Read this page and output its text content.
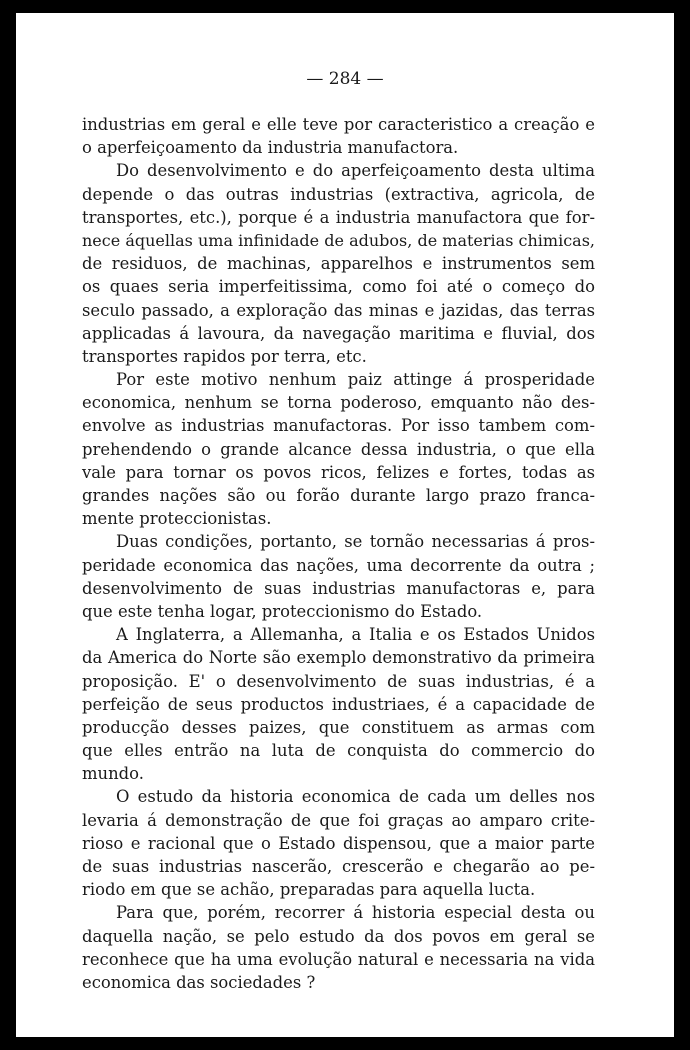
— 284 —
industrias em geral e elle teve por caracteristico a creação e
o aperfeiçoamento da industria manufactora.
Do desenvolvimento e do aperfeiçoamento desta ultima
depende o das outras industrias (extractiva, agricola, de
transportes, etc.), porque é a industria manufactora que for-
nece áquellas uma infinidade de adubos, de materias chimicas,
de residuos, de machinas, apparelhos e instrumentos sem
os quaes seria imperfeitissima, como foi até o começo do
seculo passado, a exploração das minas e jazidas, das terras
applicadas á lavoura, da navegação maritima e fluvial, dos
transportes rapidos por terra, etc.
Por este motivo nenhum paiz attinge á prosperidade
economica, nenhum se torna poderoso, emquanto não des-
envolve as industrias manufactoras. Por isso tambem com-
prehendendo o grande alcance dessa industria, o que ella
vale para tornar os povos ricos, felizes e fortes, todas as
grandes nações são ou forão durante largo prazo franca-
mente proteccionistas.
Duas condições, portanto, se tornão necessarias á pros-
peridade economica das nações, uma decorrente da outra ;
desenvolvimento de suas industrias manufactoras e, para
que este tenha logar, proteccionismo do Estado.
A Inglaterra, a Allemanha, a Italia e os Estados Unidos
da America do Norte são exemplo demonstrativo da primeira
proposição. E' o desenvolvimento de suas industrias, é a
perfeição de seus productos industriaes, é a capacidade de
producção desses paizes, que constituem as armas com
que elles entrão na luta de conquista do commercio do
mundo.
O estudo da historia economica de cada um delles nos
levaria á demonstração de que foi graças ao amparo crite-
rioso e racional que o Estado dispensou, que a maior parte
de suas industrias nascerão, crescerão e chegarão ao pe-
riodo em que se achão, preparadas para aquella lucta.
Para que, porém, recorrer á historia especial desta ou
daquella nação, se pelo estudo da dos povos em geral se
reconhece que ha uma evolução natural e necessaria na vida
economica das sociedades ?
